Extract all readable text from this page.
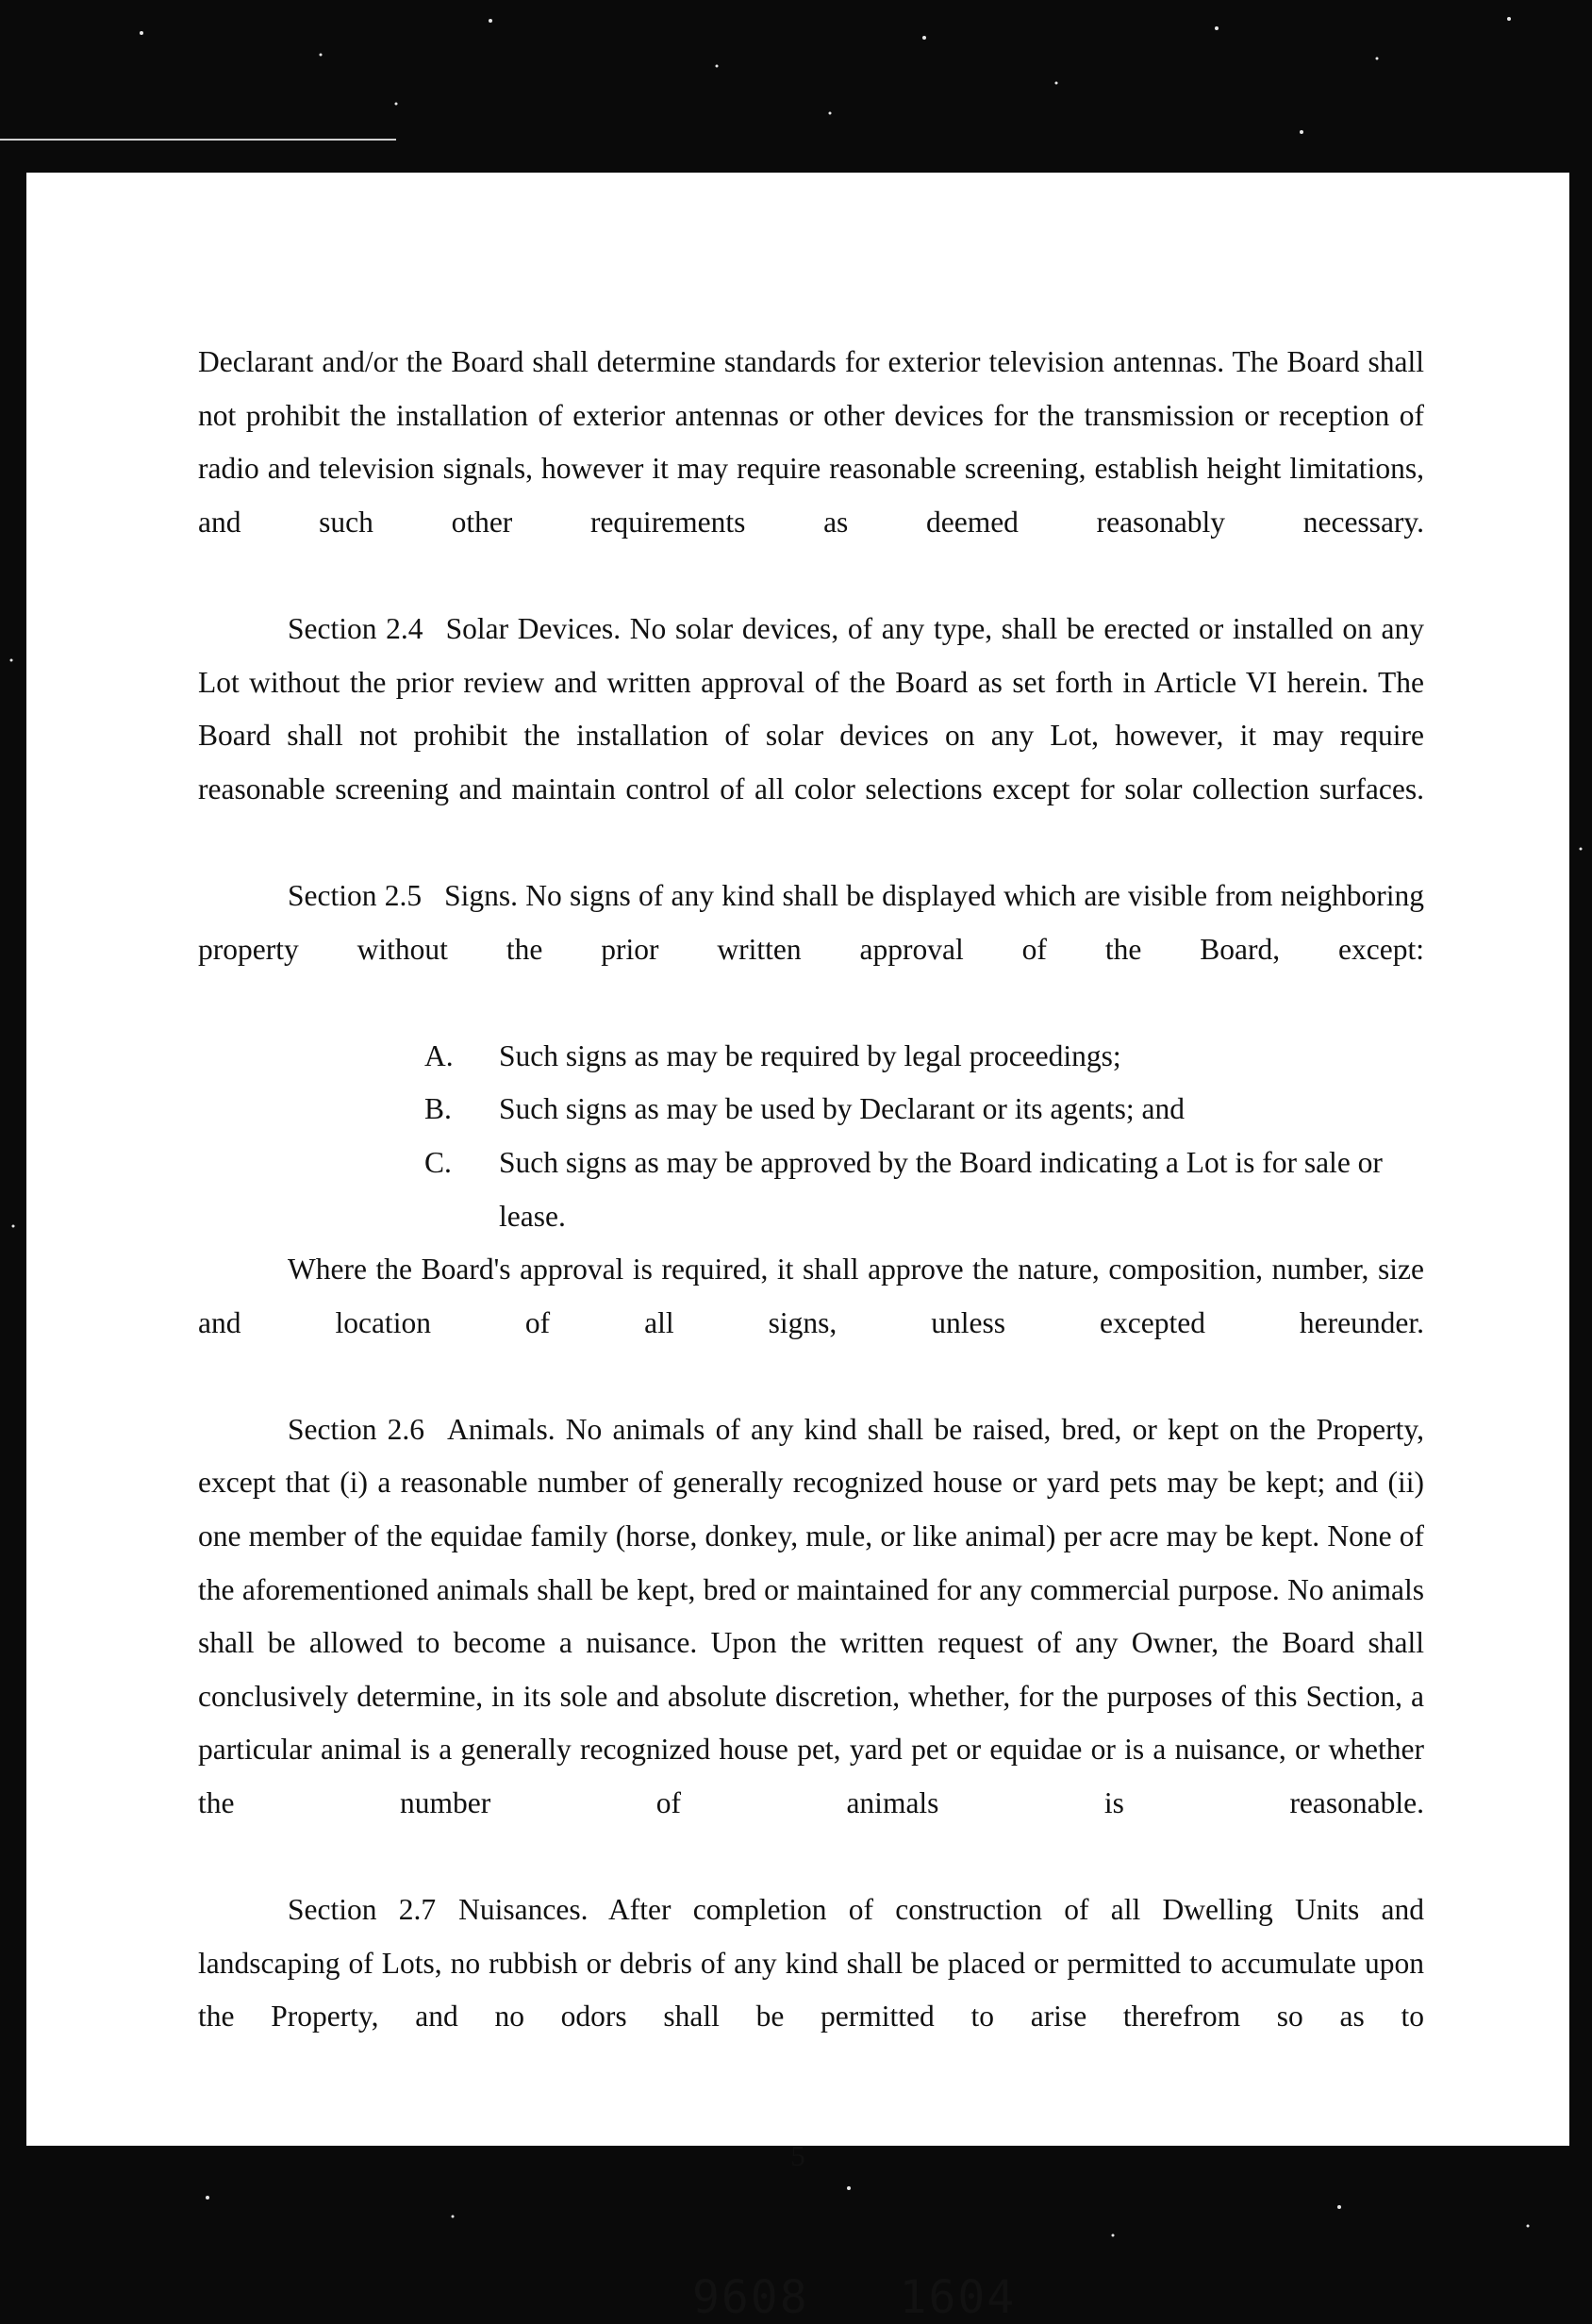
Declarant and/or the Board shall determine standards for exterior television antennas. The Board shall not prohibit the installation of exterior antennas or other devices for the transmission or reception of radio and television signals, however it may require reasonable screening, establish height limitations, and such other requirements as deemed reasonably necessary.

Section 2.4 Solar Devices. No solar devices, of any type, shall be erected or installed on any Lot without the prior review and written approval of the Board as set forth in Article VI herein. The Board shall not prohibit the installation of solar devices on any Lot, however, it may require reasonable screening and maintain control of all color selections except for solar collection surfaces.

Section 2.5 Signs. No signs of any kind shall be displayed which are visible from neighboring property without the prior written approval of the Board, except:

A.	Such signs as may be required by legal proceedings;
B.	Such signs as may be used by Declarant or its agents; and
C.	Such signs as may be approved by the Board indicating a Lot is for sale or lease.

Where the Board's approval is required, it shall approve the nature, composition, number, size and location of all signs, unless excepted hereunder.

Section 2.6 Animals. No animals of any kind shall be raised, bred, or kept on the Property, except that (i) a reasonable number of generally recognized house or yard pets may be kept; and (ii) one member of the equidae family (horse, donkey, mule, or like animal) per acre may be kept. None of the aforementioned animals shall be kept, bred or maintained for any commercial purpose. No animals shall be allowed to become a nuisance. Upon the written request of any Owner, the Board shall conclusively determine, in its sole and absolute discretion, whether, for the purposes of this Section, a particular animal is a generally recognized house pet, yard pet or equidae or is a nuisance, or whether the number of animals is reasonable.

Section 2.7 Nuisances. After completion of construction of all Dwelling Units and landscaping of Lots, no rubbish or debris of any kind shall be placed or permitted to accumulate upon the Property, and no odors shall be permitted to arise therefrom so as to

5
9608 1604
